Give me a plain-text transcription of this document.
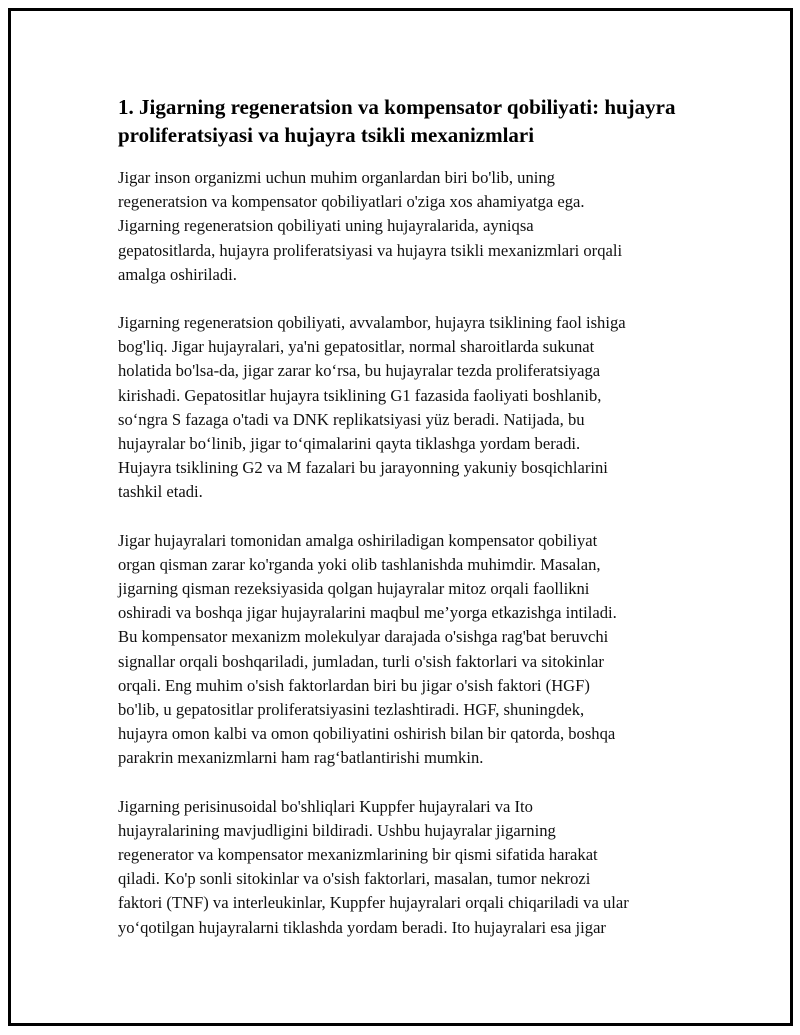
1. Jigarning regeneratsion va kompensator qobiliyati: hujayra
proliferatsiyasi va hujayra tsikli mexanizmlari

Jigar inson organizmi uchun muhim organlardan biri bo'lib, uning
regeneratsion va kompensator qobiliyatlari o'ziga xos ahamiyatga ega.
Jigarning regeneratsion qobiliyati uning hujayralarida, ayniqsa
gepatositlarda, hujayra proliferatsiyasi va hujayra tsikli mexanizmlari orqali
amalga oshiriladi.

Jigarning regeneratsion qobiliyati, avvalambor, hujayra tsiklining faol ishiga
bog'liq. Jigar hujayralari, ya'ni gepatositlar, normal sharoitlarda sukunat
holatida bo'lsa-da, jigar zarar ko‘rsa, bu hujayralar tezda proliferatsiyaga
kirishadi. Gepatositlar hujayra tsiklining G1 fazasida faoliyati boshlanib,
so‘ngra S fazaga o'tadi va DNK replikatsiyasi yüz beradi. Natijada, bu
hujayralar bo‘linib, jigar to‘qimalarini qayta tiklashga yordam beradi.
Hujayra tsiklining G2 va M fazalari bu jarayonning yakuniy bosqichlarini
tashkil etadi.

Jigar hujayralari tomonidan amalga oshiriladigan kompensator qobiliyat
organ qisman zarar ko'rganda yoki olib tashlanishda muhimdir. Masalan,
jigarning qisman rezeksiyasida qolgan hujayralar mitoz orqali faollikni
oshiradi va boshqa jigar hujayralarini maqbul me’yorga etkazishga intiladi.
Bu kompensator mexanizm molekulyar darajada o'sishga rag'bat beruvchi
signallar orqali boshqariladi, jumladan, turli o'sish faktorlari va sitokinlar
orqali. Eng muhim o'sish faktorlardan biri bu jigar o'sish faktori (HGF)
bo'lib, u gepatositlar proliferatsiyasini tezlashtiradi. HGF, shuningdek,
hujayra omon kalbi va omon qobiliyatini oshirish bilan bir qatorda, boshqa
parakrin mexanizmlarni ham rag‘batlantirishi mumkin.

Jigarning perisinusoidal bo'shliqlari Kuppfer hujayralari va Ito
hujayralarining mavjudligini bildiradi. Ushbu hujayralar jigarning
regenerator va kompensator mexanizmlarining bir qismi sifatida harakat
qiladi. Ko'p sonli sitokinlar va o'sish faktorlari, masalan, tumor nekrozi
faktori (TNF) va interleukinlar, Kuppfer hujayralari orqali chiqariladi va ular
yo‘qotilgan hujayralarni tiklashda yordam beradi. Ito hujayralari esa jigar
